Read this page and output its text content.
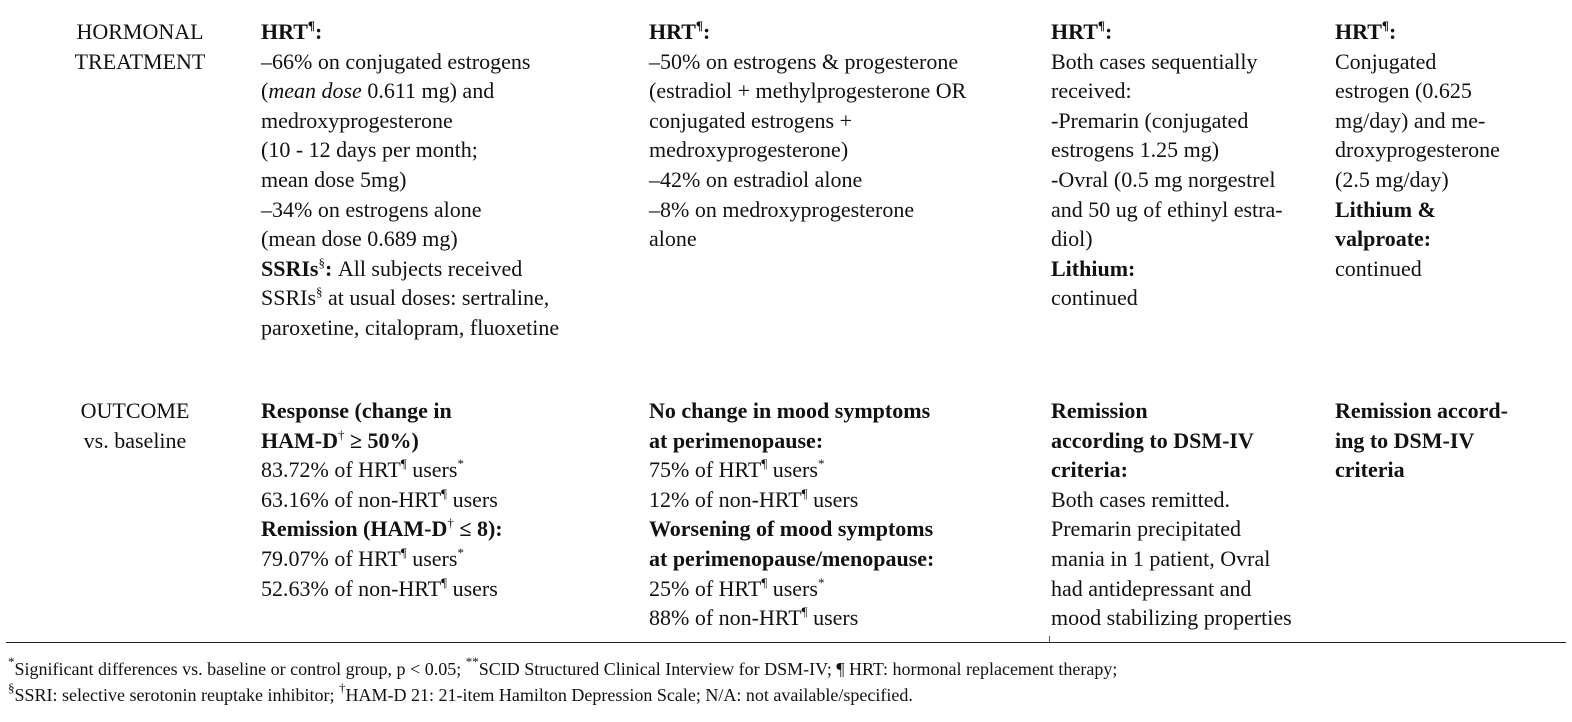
HORMONAL
TREATMENT
HRT¶:
–66% on conjugated estrogens
(mean dose 0.611 mg) and
medroxyprogesterone
(10 - 12 days per month;
mean dose 5mg)
–34% on estrogens alone
(mean dose 0.689 mg)
SSRIs§: All subjects received
SSRIs§ at usual doses: sertraline,
paroxetine, citalopram, fluoxetine
HRT¶:
–50% on estrogens & progesterone
(estradiol + methylprogesterone OR
conjugated estrogens +
medroxyprogesterone)
–42% on estradiol alone
–8% on medroxyprogesterone
alone
HRT¶:
Both cases sequentially
received:
-Premarin (conjugated
estrogens 1.25 mg)
-Ovral (0.5 mg norgestrel
and 50 ug of ethinyl estra-
diol)
Lithium:
continued
HRT¶:
Conjugated
estrogen (0.625
mg/day) and me-
droxyprogesterone
(2.5 mg/day)
Lithium &
valproate:
continued
OUTCOME
vs. baseline
Response (change in
HAM-D† ≥ 50%)
83.72% of HRT¶ users*
63.16% of non-HRT¶ users
Remission (HAM-D† ≤ 8):
79.07% of HRT¶ users*
52.63% of non-HRT¶ users
No change in mood symptoms
at perimenopause:
75% of HRT¶ users*
12% of non-HRT¶ users
Worsening of mood symptoms
at perimenopause/menopause:
25% of HRT¶ users*
88% of non-HRT¶ users
Remission
according to DSM-IV
criteria:
Both cases remitted.
Premarin precipitated
mania in 1 patient, Ovral
had antidepressant and
mood stabilizing properties
Remission accord-
ing to DSM-IV
criteria
*Significant differences vs. baseline or control group, p < 0.05; **SCID Structured Clinical Interview for DSM-IV; ¶ HRT: hormonal replacement therapy;
§SSRI: selective serotonin reuptake inhibitor; †HAM-D 21: 21-item Hamilton Depression Scale; N/A: not available/specified.
